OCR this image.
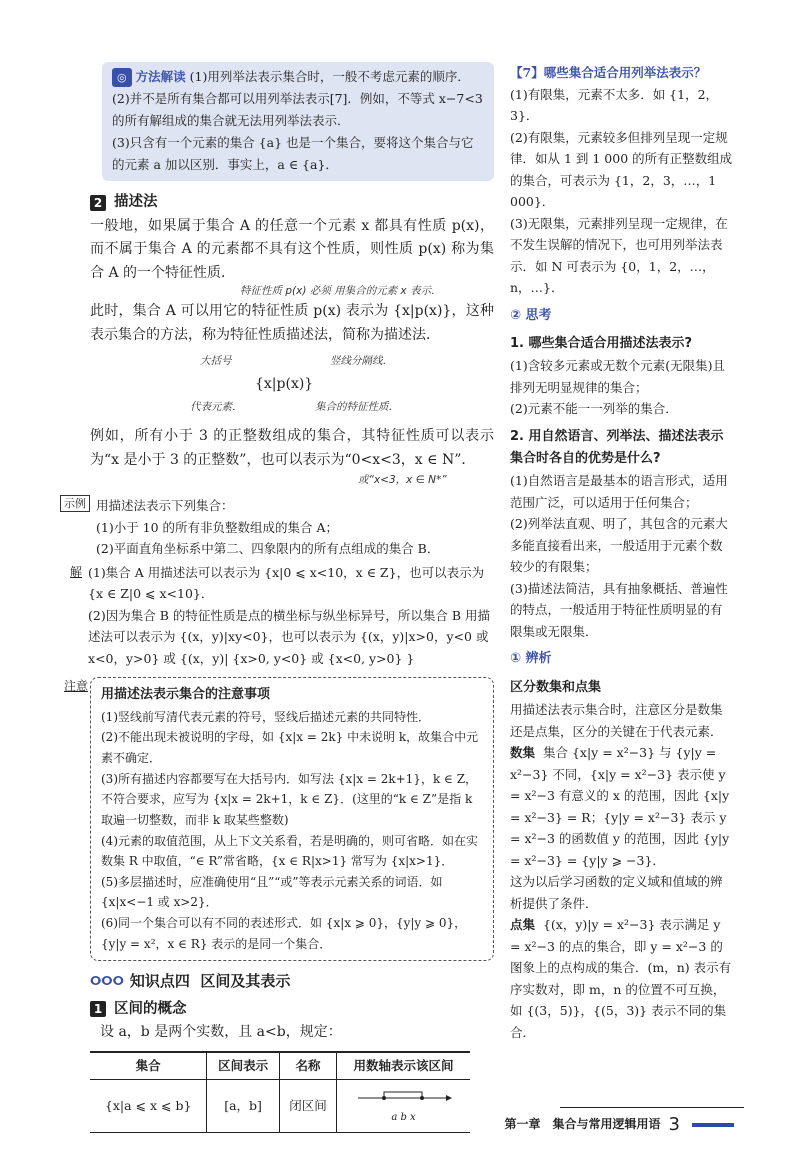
◎ 方法解读 (1)用列举法表示集合时，一般不考虑元素的顺序．

(2)并不是所有集合都可以用列举法表示[7]．例如，不等式 x−7<3 的所有解组成的集合就无法用列举法表示．

(3)只含有一个元素的集合 {a} 也是一个集合，要将这个集合与它的元素 a 加以区别．事实上，a ∈ {a}．

2 描述法

一般地，如果属于集合 A 的任意一个元素 x 都具有性质 p(x)，而不属于集合 A 的元素都不具有这个性质，则性质 p(x) 称为集合 A 的一个特征性质．

特征性质 p(x) 必须 用集合的元素 x 表示．

此时，集合 A 可以用它的特征性质 p(x) 表示为 {x|p(x)}，这种表示集合的方法，称为特征性质描述法，简称为描述法．

大括号	竖线分隔线．
{x|p(x)}
代表元素．	集合的特征性质．

例如，所有小于 3 的正整数组成的集合，其特征性质可以表示为“x 是小于 3 的正整数”，也可以表示为“0<x<3，x ∈ N”．

或“x<3，x ∈ N*”

示例 用描述法表示下列集合：

(1)小于 10 的所有非负整数组成的集合 A；

(2)平面直角坐标系中第二、四象限内的所有点组成的集合 B．

解 (1)集合 A 用描述法可以表示为 {x|0 ⩽ x<10，x ∈ Z}，也可以表示为 {x ∈ Z|0 ⩽ x<10}．

(2)因为集合 B 的特征性质是点的横坐标与纵坐标异号，所以集合 B 用描述法可以表示为 {(x，y)|xy<0}，也可以表示为 {(x，y)|x>0，y<0 或 x<0，y>0} 或 {(x，y)| {x>0, y<0} 或 {x<0, y>0} }

注意

用描述法表示集合的注意事项

(1)竖线前写清代表元素的符号，竖线后描述元素的共同特性．

(2)不能出现未被说明的字母，如 {x|x = 2k} 中未说明 k，故集合中元素不确定．

(3)所有描述内容都要写在大括号内．如写法 {x|x = 2k+1}，k ∈ Z，不符合要求，应写为 {x|x = 2k+1，k ∈ Z}．(这里的“k ∈ Z”是指 k 取遍一切整数，而非 k 取某些整数)

(4)元素的取值范围，从上下文关系看，若是明确的，则可省略．如在实数集 R 中取值，“∈ R”常省略，{x ∈ R|x>1} 常写为 {x|x>1}．

(5)多层描述时，应准确使用“且”“或”等表示元素关系的词语．如 {x|x<−1 或 x>2}．

(6)同一个集合可以有不同的表述形式．如 {x|x ⩾ 0}，{y|y ⩾ 0}，{y|y = x²，x ∈ R} 表示的是同一个集合．

ⵔⵔⵔ 知识点四
区间及其表示
1 区间的概念

设 a，b 是两个实数，且 a<b，规定：

集合	区间表示	名称	用数轴表示该区间
{x|a ⩽ x ⩽ b}	[a，b]	闭区间	a b x

【7】哪些集合适合用列举法表示？

(1)有限集，元素不太多．如 {1，2，3}．

(2)有限集，元素较多但排列呈现一定规律．如从 1 到 1 000 的所有正整数组成的集合，可表示为 {1，2，3，…，1 000}．

(3)无限集，元素排列呈现一定规律，在不发生误解的情况下，也可用列举法表示．如 N 可表示为 {0，1，2，…，n，…}．

② 思考

1. 哪些集合适合用描述法表示?

(1)含较多元素或无数个元素(无限集)且排列无明显规律的集合；

(2)元素不能一一列举的集合．

2. 用自然语言、列举法、描述法表示集合时各自的优势是什么?

(1)自然语言是最基本的语言形式，适用范围广泛，可以适用于任何集合；

(2)列举法直观、明了，其包含的元素大多能直接看出来，一般适用于元素个数较少的有限集；

(3)描述法简洁，具有抽象概括、普遍性的特点，一般适用于特征性质明显的有限集或无限集．

① 辨析

区分数集和点集

用描述法表示集合时，注意区分是数集还是点集，区分的关键在于代表元素．

数集 集合 {x|y = x²−3} 与 {y|y = x²−3} 不同，{x|y = x²−3} 表示使 y = x²−3 有意义的 x 的范围，因此 {x|y = x²−3} = R；{y|y = x²−3} 表示 y = x²−3 的函数值 y 的范围，因此 {y|y = x²−3} = {y|y ⩾ −3}．

这为以后学习函数的定义域和值域的辨析提供了条件．

点集 {(x，y)|y = x²−3} 表示满足 y = x²−3 的点的集合，即 y = x²−3 的图象上的点构成的集合．(m，n) 表示有序实数对，即 m，n 的位置不可互换，如 {(3，5)}，{(5，3)} 表示不同的集合．

第一章　集合与常用逻辑用语 3
